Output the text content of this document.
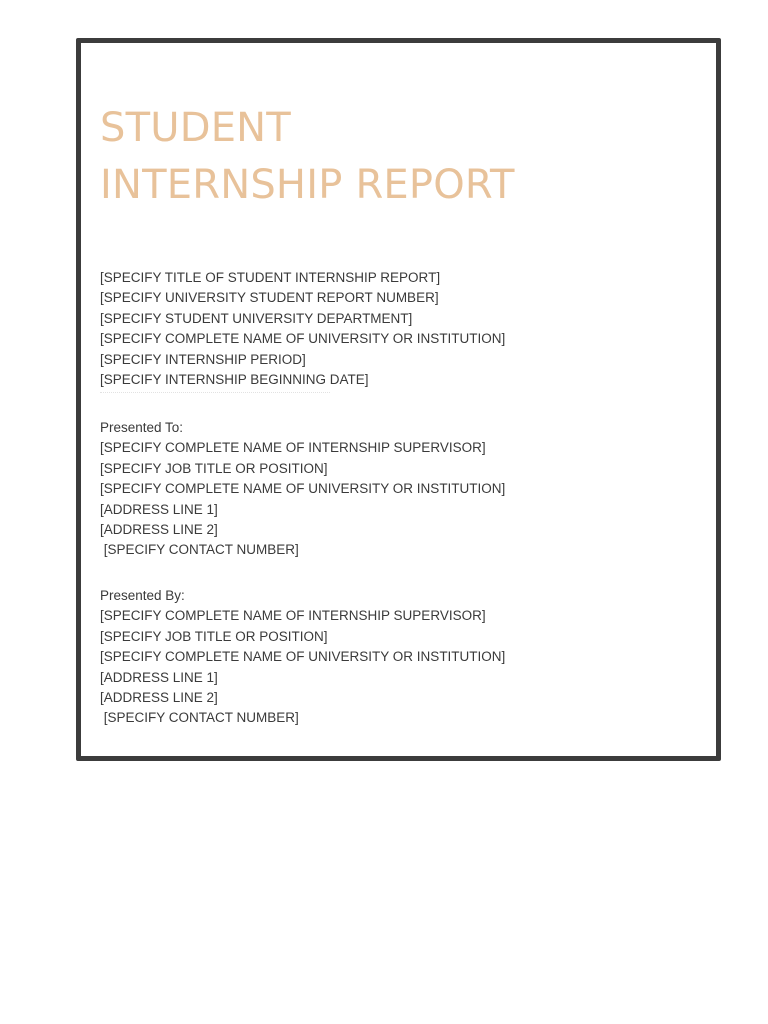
STUDENT
INTERNSHIP REPORT
[SPECIFY TITLE OF STUDENT INTERNSHIP REPORT]
[SPECIFY UNIVERSITY STUDENT REPORT NUMBER]
[SPECIFY STUDENT UNIVERSITY DEPARTMENT]
[SPECIFY COMPLETE NAME OF UNIVERSITY OR INSTITUTION]
[SPECIFY INTERNSHIP PERIOD]
[SPECIFY INTERNSHIP BEGINNING DATE]
Presented To:
[SPECIFY COMPLETE NAME OF INTERNSHIP SUPERVISOR]
[SPECIFY JOB TITLE OR POSITION]
[SPECIFY COMPLETE NAME OF UNIVERSITY OR INSTITUTION]
[ADDRESS LINE 1]
[ADDRESS LINE 2]
[SPECIFY CONTACT NUMBER]
Presented By:
[SPECIFY COMPLETE NAME OF INTERNSHIP SUPERVISOR]
[SPECIFY JOB TITLE OR POSITION]
[SPECIFY COMPLETE NAME OF UNIVERSITY OR INSTITUTION]
[ADDRESS LINE 1]
[ADDRESS LINE 2]
[SPECIFY CONTACT NUMBER]
